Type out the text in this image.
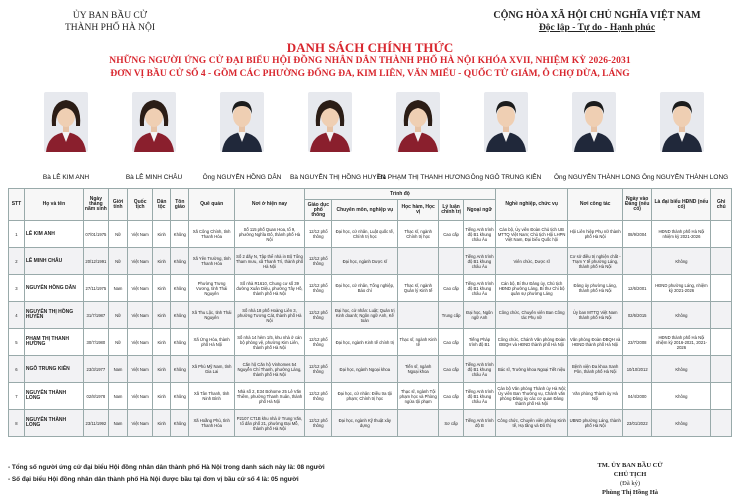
ỦY BAN BẦU CỬ
THÀNH PHỐ HÀ NỘI
CỘNG HÒA XÃ HỘI CHỦ NGHĨA VIỆT NAM
Độc lập - Tự do - Hạnh phúc
DANH SÁCH CHÍNH THỨC
NHỮNG NGƯỜI ỨNG CỬ ĐẠI BIỂU HỘI ĐỒNG NHÂN DÂN THÀNH PHỐ HÀ NỘI KHÓA XVII, NHIỆM KỲ 2026-2031
ĐƠN VỊ BẦU CỬ SỐ 4 - GỒM CÁC PHƯỜNG ĐỐNG ĐA, KIM LIÊN, VĂN MIẾU - QUỐC TỬ GIÁM, Ô CHỢ DỪA, LÁNG
Bà LÊ KIM ANH	Bà LÊ MINH CHÂU	Ông NGUYỄN HỒNG DÂN Bà NGUYỄN THỊ HỒNG HUYỀN
Bà PHẠM THỊ THANH HƯƠNG Ông NGÔ TRUNG KIÊN	Ông NGUYỄN THÀNH LONG Ông NGUYỄN THÀNH LONG
STT	Họ và tên	Ngày tháng năm sinh	Giới tính	Quốc tịch	Dân tộc	Tôn giáo	Quê quán	Nơi ở hiện nay	Trình độ					Nghề nghiệp, chức vụ	Nơi công tác	Ngày vào Đảng (nếu có)	Là đại biểu HĐND (nếu có)	Ghi chú
									Giáo dục phổ thông	Chuyên môn, nghiệp vụ	Học hàm, Học vị	Lý luận chính trị	Ngoại ngữ					
1	LÊ KIM ANH	07/01/1975	Nữ	Việt Nam	Kinh	Không	Xã Công Chính, tỉnh Thanh Hóa	Số 115 phố Quan Hoa, tổ 9, phường Nghĩa Đô, thành phố Hà Nội	12/12 phổ thông	Đại học, cử nhân, Luật quốc tế, Chính trị học	Thạc sĩ, ngành Chính trị học	Cao cấp	Tiếng Anh trình độ B1 khung châu Âu	Cán bộ, Ủy viên Đoàn Chủ tịch UB MTTQ Việt Nam; Chủ tịch Hội LHPN Việt Nam, Đại biểu Quốc hội	Hội Liên hiệp Phụ nữ thành phố Hà Nội	08/9/2004	HĐND thành phố Hà Nội nhiệm kỳ 2021-2026	
2	LÊ MINH CHÂU	20/12/1991	Nữ	Việt Nam	Kinh	Không	Xã Yên Trường, tỉnh Thanh Hóa	Số 2 dãy N, Tập thể nhà in Bộ Tổng Tham mưu, xã Thanh Trì, thành phố Hà Nội	12/12 phổ thông	Đại học, ngành Dược sĩ			Tiếng Anh trình độ B1 khung châu Âu	Viên chức, Dược sĩ	Cơ sở điều trị nghiện chất - Trạm Y tế phường Láng, thành phố Hà Nội		Không	
3	NGUYỄN HỒNG DÂN	27/11/1975	Nam	Việt Nam	Kinh	Không	Phường Trưng Vương, tỉnh Thái Nguyên	Số nhà R1610, Chung cư số 39 đường Xuân Diệu, phường Tây Hồ, thành phố Hà Nội	12/12 phổ thông	Đại học, cử nhân, Tổng nghiệp, Báo chí	Thạc sĩ, ngành Quản lý Kinh tế	Cao cấp	Tiếng Anh trình độ B1 khung châu Âu	Cán bộ, Bí thư Đảng ủy, Chủ tịch HĐND phường Láng, Bí thư Chi bộ quân sự phường Láng	Đảng ủy phường Láng, thành phố Hà Nội	12/6/2001	HĐND phường Láng, nhiệm kỳ 2021-2026	
4	NGUYỄN THỊ HỒNG HUYỀN	31/7/1987	Nữ	Việt Nam	Kinh	Không	Xã Thu Lộc, tỉnh Thái Nguyên	Số nhà 18 phố Hoàng Liên 3, phường Tương Cát, thành phố Hà Nội	12/12 phổ thông	Đại học, cử nhân: Luật; Quản trị Kinh doanh; Ngôn ngữ Anh, Kế toán		Trung cấp	Đại học, Ngôn ngữ Anh	Công chức, Chuyên viên Ban Công tác Phụ nữ	Ủy ban MTTQ Việt Nam thành phố Hà Nội	02/6/2015	Không	
5	PHẠM THỊ THANH HƯƠNG	30/7/1980	Nữ	Việt Nam	Kinh	Không	Xã Ứng Hòa, thành phố Hà Nội	Số nhà 14 hẻm 1/5, khu nhà ở cán bộ phòng vệ, phường Kim Liên, thành phố Hà Nội	12/12 phổ thông	Đại học, ngành Kinh tế chính trị	Thạc sĩ, ngành Kinh tế	Cao cấp	Tiếng Pháp trình độ B1	Công chức, Chánh Văn phòng Đoàn ĐBQH và HĐND thành phố Hà Nội	Văn phòng Đoàn ĐBQH và HĐND thành phố Hà Nội	23/7/2008	HĐND thành phố Hà Nội nhiệm kỳ 2016-2021, 2021-2026	
6	NGÔ TRUNG KIÊN	23/3/1977	Nam	Việt Nam	Kinh	Không	Xã Phù Mỹ Nam, tỉnh Gia Lai	Căn hộ Căn hộ Vinhomes 54 Nguyễn Chí Thanh, phường Láng, thành phố Hà Nội	12/12 phổ thông	Đại học, ngành Ngoại khoa	Tiến sĩ, ngành Ngoại khoa	Cao cấp	Tiếng Anh trình độ B1 khung châu Âu	Bác sĩ, Trưởng khoa Ngoại Tiết niệu	Bệnh viện Đa khoa Xanh Pôn, thành phố Hà Nội	10/10/2012	Không	
7	NGUYỄN THÀNH LONG	02/8/1978	Nam	Việt Nam	Kinh	Không	Xã Tân Thanh, tỉnh Ninh Bình	Nhà số 2, E34 Bohome 25 Lê Văn Thiêm, phường Thanh Xuân, thành phố Hà Nội	12/12 phổ thông	Đại học, cử nhân: Điều tra tội phạm; Chính trị học	Thạc sĩ, ngành Tội phạm học và Phòng ngừa tội phạm	Cao cấp	Tiếng Anh trình độ B1 khung châu Âu	Cán bộ Văn phòng Thành ủy Hà Nội; Ủy viên Ban Thường vụ, Chánh văn phòng Đảng ủy các cơ quan Đảng thành phố Hà Nội	Văn phòng Thành ủy Hà Nội	04/4/2000	Không	
8	NGUYỄN THÀNH LONG	23/11/1992	Nam	Việt Nam	Kinh	Không	Xã Hoằng Phú, tỉnh Thanh Hóa	P2107 CT1B khu nhà ở Trung Văn, tổ dân phố 21, phường Đại Mỗ, thành phố Hà Nội	12/12 phổ thông	Đại học, ngành Kỹ thuật xây dựng		Sơ cấp	Tiếng Anh trình độ B	Công chức, Chuyên viên phòng Kinh tế, Hạ tầng và Đô thị	UBND phường Láng, thành phố Hà Nội	23/01/2022	Không	
- Tổng số người ứng cử đại biểu Hội đồng nhân dân thành phố Hà Nội trong danh sách này là: 08 người
- Số đại biểu Hội đồng nhân dân thành phố Hà Nội được bầu tại đơn vị bầu cử số 4 là: 05 người
TM. ỦY BAN BẦU CỬ
CHỦ TỊCH
(Đã ký)
Phùng Thị Hồng Hà
